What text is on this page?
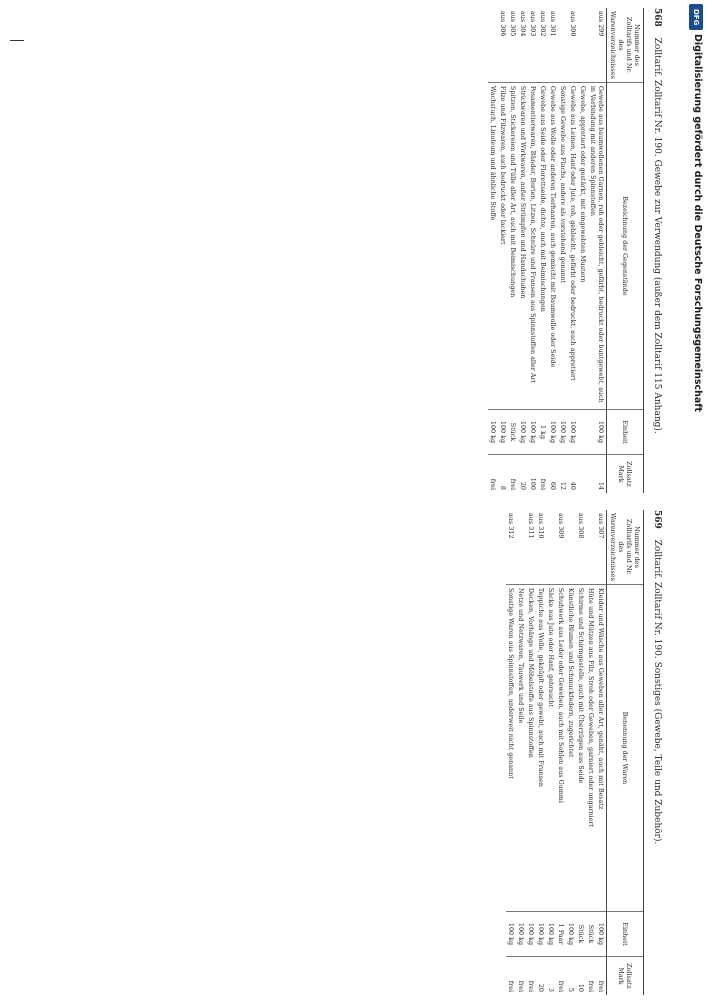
568 Zolltarif. Zolltarif Nr. 190. Gewebe zur Verwendung (außer dem Zolltarif 115 Anhang).
Nummer des Zolltarifs und Nr. des Warenverzeichnisses	Bezeichnung der Gegenstände	Einheit	Zollsatz Mark
aus 299	Gewebe aus baumwollenen Garnen, roh oder gebleicht, gefärbt, bedruckt oder buntgewebt, auch in Verbindung mit anderen Spinnstoffen	100 kg	14
	Gewebe, appretiert oder gestärkt, mit eingewebten Mustern		
aus 300	Gewebe aus Leinen, Hanf oder Jute, roh, gebleicht, gefärbt oder bedruckt, auch appretiert	100 kg	40
	Sonstige Gewebe aus Flachs, andere als vorstehend genannt	100 kg	12
aus 301	Gewebe aus Wolle oder anderen Tierhaaren, auch gemischt mit Baumwolle oder Seide	100 kg	60
aus 302	Gewebe aus Seide oder Florettseide, dichte, auch mit Beimischungen	1 kg	frei
aus 303	Posamentierwaren, Bänder, Borten, Litzen, Schnüre und Fransen aus Spinnstoffen aller Art	100 kg	100
aus 304	Strickwaren und Wirkwaren, außer Strümpfen und Handschuhen	100 kg	20
aus 305	Spitzen, Stickereien und Tülle aller Art, auch mit Beimischungen	Stück	frei
aus 306	Filze und Filzwaren, auch bedruckt oder lackiert	100 kg	8
	Wachstuch, Linoleum und ähnliche Stoffe	100 kg	frei
569 Zolltarif. Zolltarif Nr. 190. Sonstiges (Gewebe, Teile und Zubehör).
Nummer des Zolltarifs und Nr. des Warenverzeichnisses	Benennung der Waren	Einheit	Zollsatz Mark
aus 307	Kleider und Wäsche aus Geweben aller Art, genäht, auch mit Besatz	100 kg	frei
	Hüte und Mützen aus Filz, Stroh oder Geweben, garniert oder ungarniert	Stück	frei
aus 308	Schirme und Schirmgestelle, auch mit Überzügen aus Seide	Stück	10
	Künstliche Blumen und Schmuckfedern, zugerichtet	100 kg	5
aus 309	Schuhwerk aus Leder oder Geweben, auch mit Sohlen aus Gummi	1 Paar	frei
	Säcke aus Jute oder Hanf, gebraucht	100 kg	3
aus 310	Teppiche aus Wolle, geknüpft oder gewebt, auch mit Fransen	100 kg	20
aus 311	Decken, Vorhänge und Möbelstoffe aus Spinnstoffen	100 kg	frei
	Netze und Netzwaren, Tauwerk und Seile	100 kg	frei
aus 312	Sonstige Waren aus Spinnstoffen, anderweit nicht genannt	100 kg	frei
DFG
Digitalisierung gefördert durch die Deutsche Forschungsgemeinschaft
